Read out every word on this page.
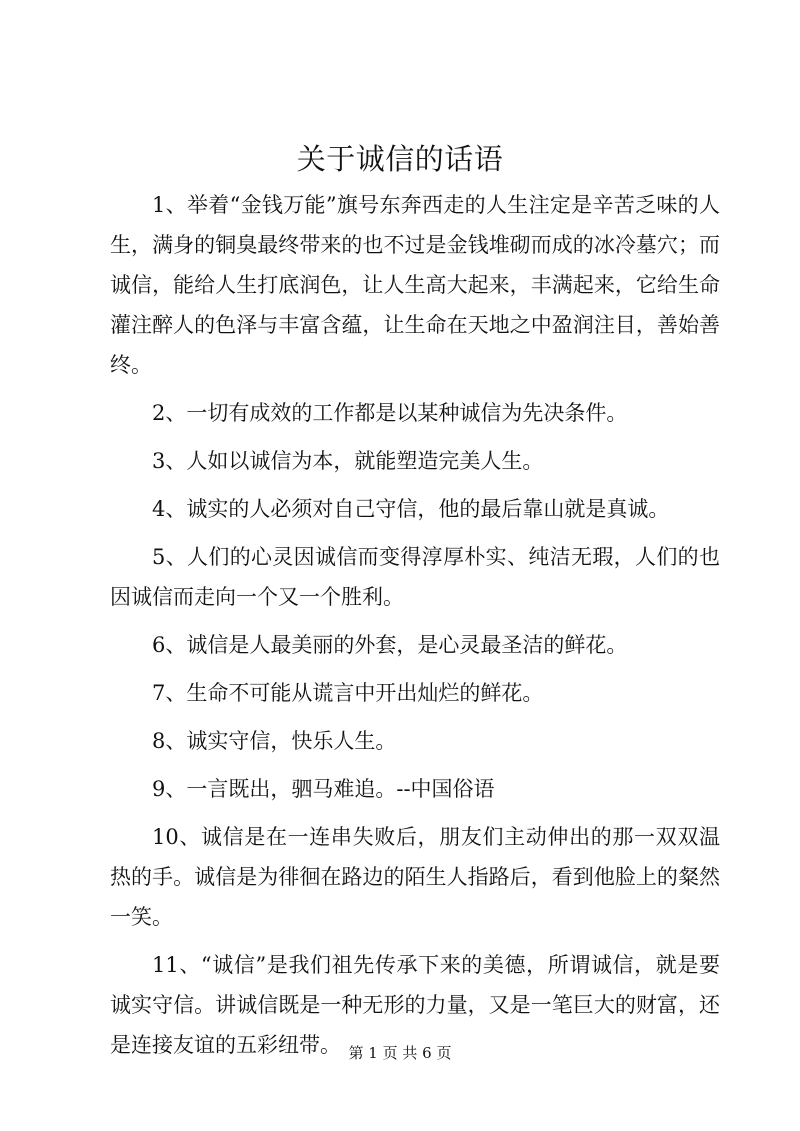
关于诚信的话语

1、举着“金钱万能”旗号东奔西走的人生注定是辛苦乏味的人生，满身的铜臭最终带来的也不过是金钱堆砌而成的冰冷墓穴；而诚信，能给人生打底润色，让人生高大起来，丰满起来，它给生命灌注醉人的色泽与丰富含蕴，让生命在天地之中盈润注目，善始善终。

2、一切有成效的工作都是以某种诚信为先决条件。

3、人如以诚信为本，就能塑造完美人生。

4、诚实的人必须对自己守信，他的最后靠山就是真诚。

5、人们的心灵因诚信而变得淳厚朴实、纯洁无瑕，人们的也因诚信而走向一个又一个胜利。

6、诚信是人最美丽的外套，是心灵最圣洁的鲜花。

7、生命不可能从谎言中开出灿烂的鲜花。

8、诚实守信，快乐人生。

9、一言既出，驷马难追。--中国俗语

10、诚信是在一连串失败后，朋友们主动伸出的那一双双温热的手。诚信是为徘徊在路边的陌生人指路后，看到他脸上的粲然一笑。

11、“诚信”是我们祖先传承下来的美德，所谓诚信，就是要诚实守信。讲诚信既是一种无形的力量，又是一笔巨大的财富，还是连接友谊的五彩纽带。 第 1 页 共 6 页
